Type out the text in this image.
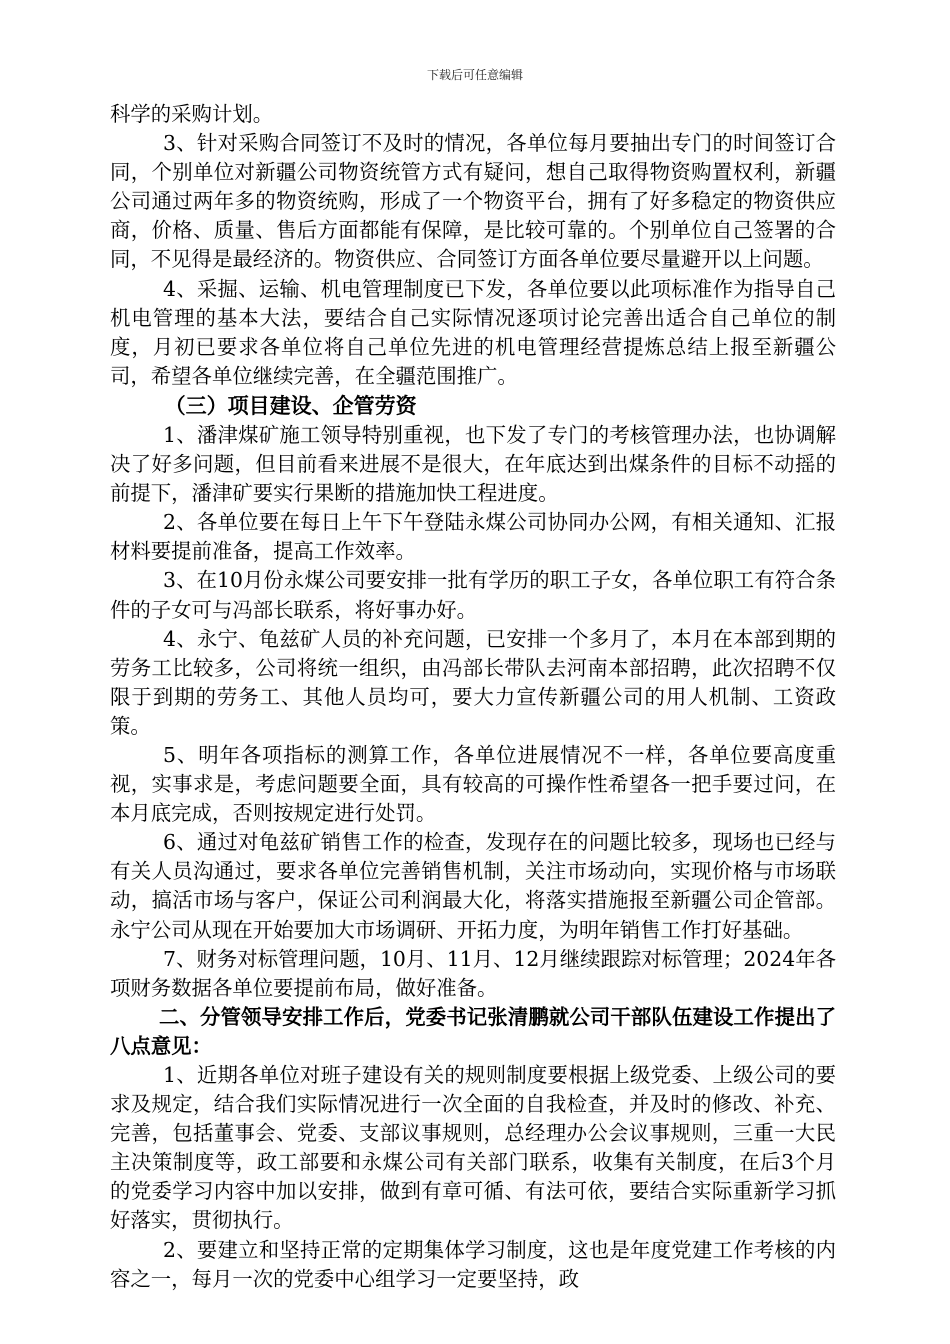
下载后可任意编辑

科学的采购计划。

3、针对采购合同签订不及时的情况，各单位每月要抽出专门的时间签订合同，个别单位对新疆公司物资统管方式有疑问，想自己取得物资购置权利，新疆公司通过两年多的物资统购，形成了一个物资平台，拥有了好多稳定的物资供应商，价格、质量、售后方面都能有保障，是比较可靠的。个别单位自己签署的合同，不见得是最经济的。物资供应、合同签订方面各单位要尽量避开以上问题。

4、采掘、运输、机电管理制度已下发，各单位要以此项标准作为指导自己机电管理的基本大法，要结合自己实际情况逐项讨论完善出适合自己单位的制度，月初已要求各单位将自己单位先进的机电管理经营提炼总结上报至新疆公司，希望各单位继续完善，在全疆范围推广。

（三）项目建设、企管劳资

1、潘津煤矿施工领导特别重视，也下发了专门的考核管理办法，也协调解决了好多问题，但目前看来进展不是很大，在年底达到出煤条件的目标不动摇的前提下，潘津矿要实行果断的措施加快工程进度。

2、各单位要在每日上午下午登陆永煤公司协同办公网，有相关通知、汇报材料要提前准备，提高工作效率。

3、在10月份永煤公司要安排一批有学历的职工子女，各单位职工有符合条件的子女可与冯部长联系，将好事办好。

4、永宁、龟兹矿人员的补充问题，已安排一个多月了，本月在本部到期的劳务工比较多，公司将统一组织，由冯部长带队去河南本部招聘，此次招聘不仅限于到期的劳务工、其他人员均可，要大力宣传新疆公司的用人机制、工资政策。

5、明年各项指标的测算工作，各单位进展情况不一样，各单位要高度重视，实事求是，考虑问题要全面，具有较高的可操作性希望各一把手要过问，在本月底完成，否则按规定进行处罚。

6、通过对龟兹矿销售工作的检查，发现存在的问题比较多，现场也已经与有关人员沟通过，要求各单位完善销售机制，关注市场动向，实现价格与市场联动，搞活市场与客户，保证公司利润最大化，将落实措施报至新疆公司企管部。永宁公司从现在开始要加大市场调研、开拓力度，为明年销售工作打好基础。

7、财务对标管理问题，10月、11月、12月继续跟踪对标管理；2024年各项财务数据各单位要提前布局，做好准备。

二、分管领导安排工作后，党委书记张清鹏就公司干部队伍建设工作提出了八点意见：

1、近期各单位对班子建设有关的规则制度要根据上级党委、上级公司的要求及规定，结合我们实际情况进行一次全面的自我检查，并及时的修改、补充、完善，包括董事会、党委、支部议事规则，总经理办公会议事规则，三重一大民主决策制度等，政工部要和永煤公司有关部门联系，收集有关制度，在后3个月的党委学习内容中加以安排，做到有章可循、有法可依，要结合实际重新学习抓好落实，贯彻执行。

2、要建立和坚持正常的定期集体学习制度，这也是年度党建工作考核的内容之一，每月一次的党委中心组学习一定要坚持，政
